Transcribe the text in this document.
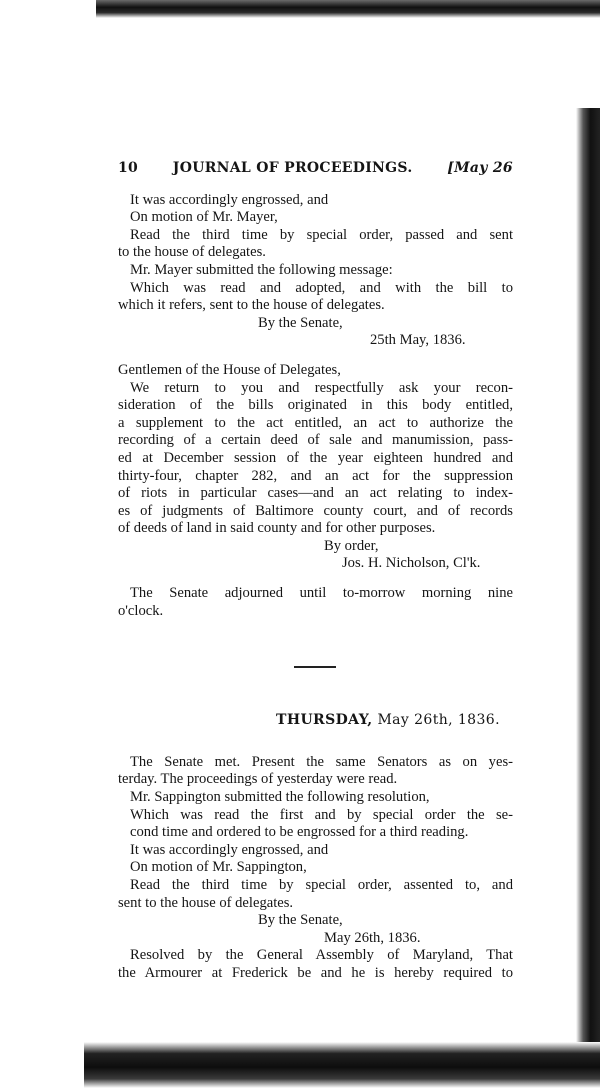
10 JOURNAL OF PROCEEDINGS. [May 26
It was accordingly engrossed, and
On motion of Mr. Mayer,
Read the third time by special order, passed and sent
to the house of delegates.
Mr. Mayer submitted the following message:
Which was read and adopted, and with the bill to
which it refers, sent to the house of delegates.
By the Senate,
25th May, 1836.
Gentlemen of the House of Delegates,
We return to you and respectfully ask your recon-
sideration of the bills originated in this body entitled,
a supplement to the act entitled, an act to authorize the
recording of a certain deed of sale and manumission, pass-
ed at December session of the year eighteen hundred and
thirty-four, chapter 282, and an act for the suppression
of riots in particular cases—and an act relating to index-
es of judgments of Baltimore county court, and of records
of deeds of land in said county and for other purposes.
By order,
Jos. H. Nicholson, Cl'k.
The Senate adjourned until to-morrow morning nine
o'clock.
THURSDAY, May 26th, 1836.
The Senate met. Present the same Senators as on yes-
terday. The proceedings of yesterday were read.
Mr. Sappington submitted the following resolution,
Which was read the first and by special order the se-
cond time and ordered to be engrossed for a third reading.
It was accordingly engrossed, and
On motion of Mr. Sappington,
Read the third time by special order, assented to, and
sent to the house of delegates.
By the Senate,
May 26th, 1836.
Resolved by the General Assembly of Maryland, That
the Armourer at Frederick be and he is hereby required to
